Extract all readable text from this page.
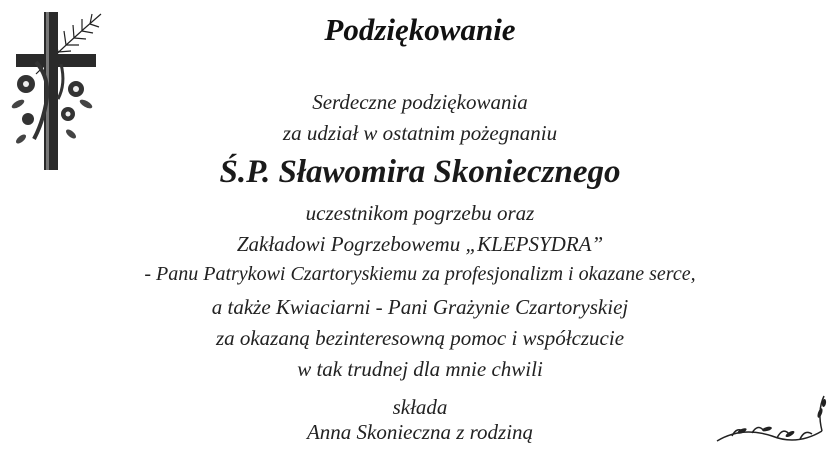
Podziękowanie
Serdeczne podziękowania
za udział w ostatnim pożegnaniu
Ś.P. Sławomira Skoniecznego
uczestnikom pogrzebu oraz
Zakładowi Pogrzebowemu „KLEPSYDRA”
- Panu Patrykowi Czartoryskiemu za profesjonalizm i okazane serce,
a także Kwiaciarni - Pani Grażynie Czartoryskiej
za okazaną bezinteresowną pomoc i współczucie
w tak trudnej dla mnie chwili
składa
Anna Skonieczna z rodziną
